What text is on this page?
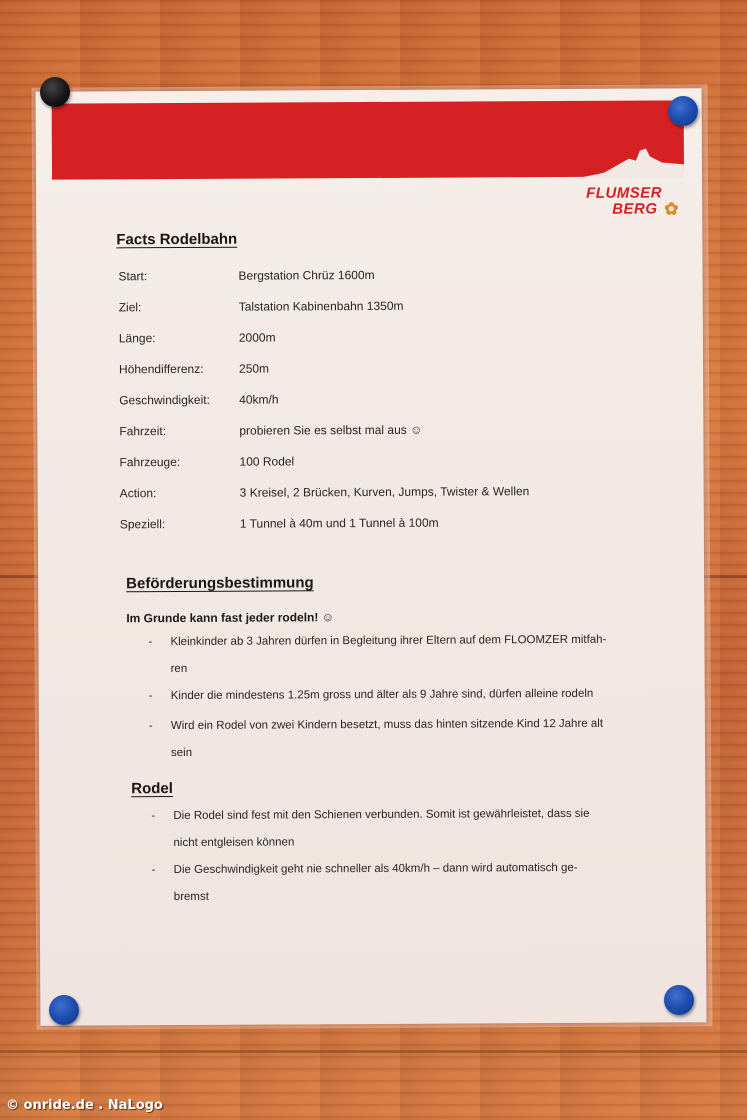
FLUMSER
BERG ✿
Facts Rodelbahn
Start:	Bergstation Chrüz 1600m
Ziel:	Talstation Kabinenbahn 1350m
Länge:	2000m
Höhendifferenz:	250m
Geschwindigkeit: 40km/h
Fahrzeit:	probieren Sie es selbst mal aus ☺
Fahrzeuge:	100 Rodel
Action:	3 Kreisel, 2 Brücken, Kurven, Jumps, Twister & Wellen
Speziell:	1 Tunnel à 40m und 1 Tunnel à 100m
Beförderungsbestimmung
Im Grunde kann fast jeder rodeln! ☺
- Kleinkinder ab 3 Jahren dürfen in Begleitung ihrer Eltern auf dem FLOOMZER mitfah-
ren
- Kinder die mindestens 1.25m gross und älter als 9 Jahre sind, dürfen alleine rodeln
- Wird ein Rodel von zwei Kindern besetzt, muss das hinten sitzende Kind 12 Jahre alt
sein
Rodel
- Die Rodel sind fest mit den Schienen verbunden. Somit ist gewährleistet, dass sie
nicht entgleisen können
- Die Geschwindigkeit geht nie schneller als 40km/h – dann wird automatisch ge-
bremst
© onride.de . NaLogo
